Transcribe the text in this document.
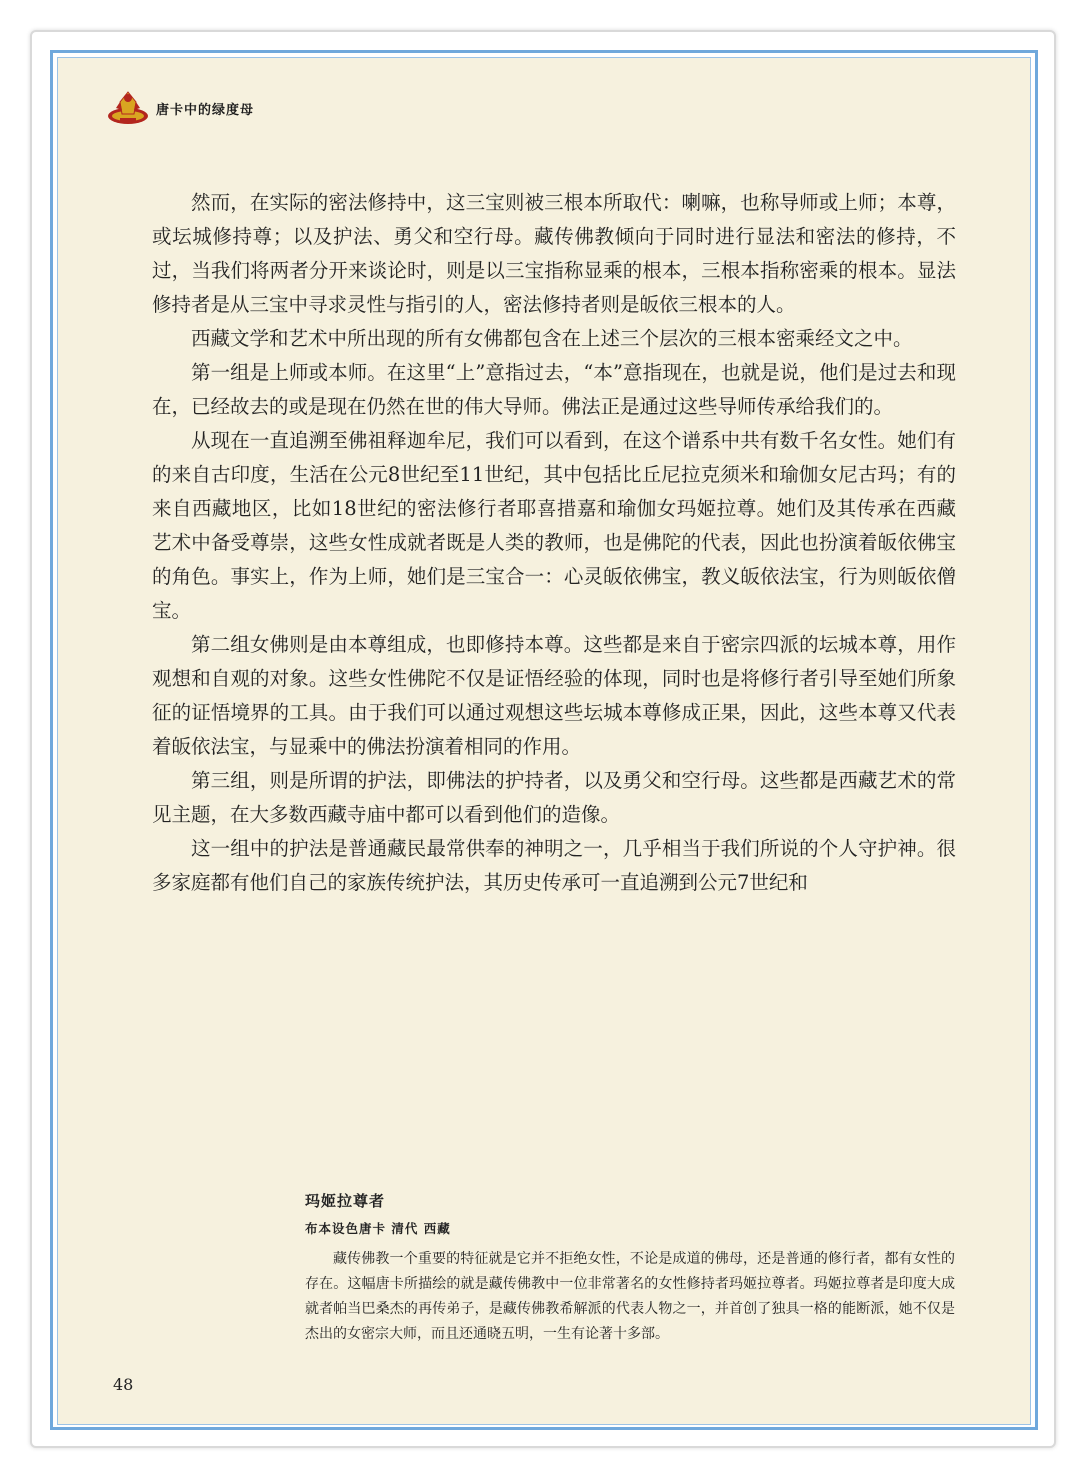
唐卡中的绿度母

然而，在实际的密法修持中，这三宝则被三根本所取代：喇嘛，也称导师或上师；本尊，或坛城修持尊；以及护法、勇父和空行母。藏传佛教倾向于同时进行显法和密法的修持，不过，当我们将两者分开来谈论时，则是以三宝指称显乘的根本，三根本指称密乘的根本。显法修持者是从三宝中寻求灵性与指引的人，密法修持者则是皈依三根本的人。

西藏文学和艺术中所出现的所有女佛都包含在上述三个层次的三根本密乘经文之中。

第一组是上师或本师。在这里“上”意指过去，“本”意指现在，也就是说，他们是过去和现在，已经故去的或是现在仍然在世的伟大导师。佛法正是通过这些导师传承给我们的。

从现在一直追溯至佛祖释迦牟尼，我们可以看到，在这个谱系中共有数千名女性。她们有的来自古印度，生活在公元8世纪至11世纪，其中包括比丘尼拉克须米和瑜伽女尼古玛；有的来自西藏地区，比如18世纪的密法修行者耶喜措嘉和瑜伽女玛姬拉尊。她们及其传承在西藏艺术中备受尊崇，这些女性成就者既是人类的教师，也是佛陀的代表，因此也扮演着皈依佛宝的角色。事实上，作为上师，她们是三宝合一：心灵皈依佛宝，教义皈依法宝，行为则皈依僧宝。

第二组女佛则是由本尊组成，也即修持本尊。这些都是来自于密宗四派的坛城本尊，用作观想和自观的对象。这些女性佛陀不仅是证悟经验的体现，同时也是将修行者引导至她们所象征的证悟境界的工具。由于我们可以通过观想这些坛城本尊修成正果，因此，这些本尊又代表着皈依法宝，与显乘中的佛法扮演着相同的作用。

第三组，则是所谓的护法，即佛法的护持者，以及勇父和空行母。这些都是西藏艺术的常见主题，在大多数西藏寺庙中都可以看到他们的造像。

这一组中的护法是普通藏民最常供奉的神明之一，几乎相当于我们所说的个人守护神。很多家庭都有他们自己的家族传统护法，其历史传承可一直追溯到公元7世纪和

玛姬拉尊者

布本设色唐卡 清代 西藏

藏传佛教一个重要的特征就是它并不拒绝女性，不论是成道的佛母，还是普通的修行者，都有女性的存在。这幅唐卡所描绘的就是藏传佛教中一位非常著名的女性修持者玛姬拉尊者。玛姬拉尊者是印度大成就者帕当巴桑杰的再传弟子，是藏传佛教希解派的代表人物之一，并首创了独具一格的能断派，她不仅是杰出的女密宗大师，而且还通晓五明，一生有论著十多部。

48
